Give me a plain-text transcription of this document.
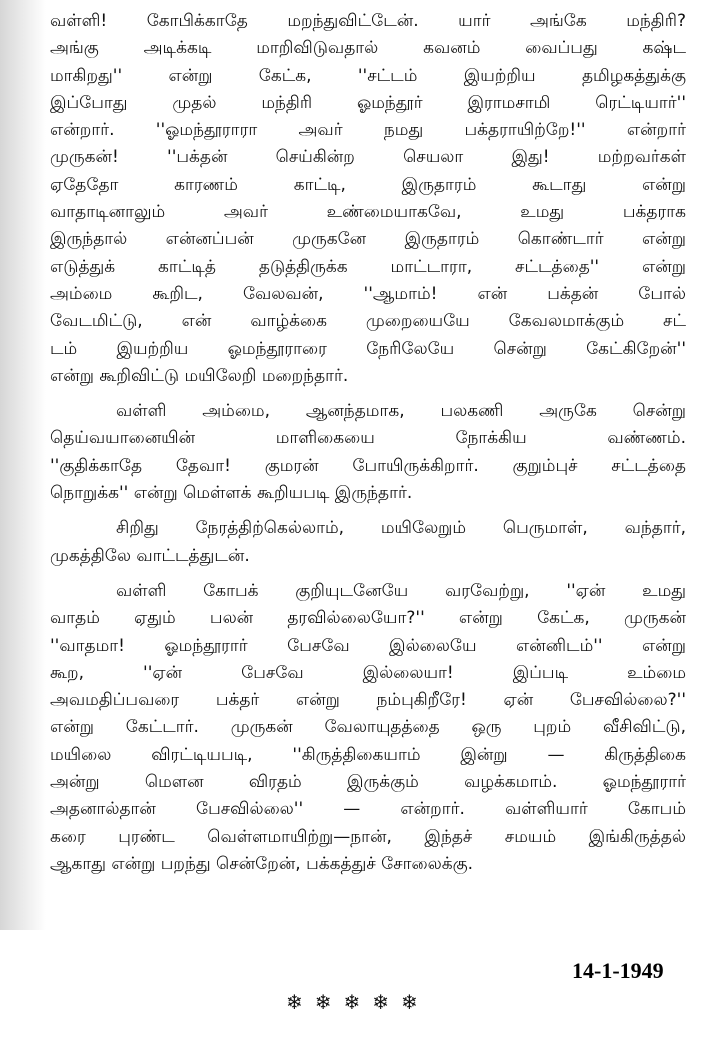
வள்ளி! கோபிக்காதே மறந்துவிட்டேன். யார் அங்கே மந்திரி?
அங்கு அடிக்கடி மாறிவிடுவதால் கவனம் வைப்பது கஷ்ட
மாகிறது'' என்று கேட்க, ''சட்டம் இயற்றிய தமிழகத்துக்கு
இப்போது முதல் மந்திரி ஓமந்தூர் இராமசாமி ரெட்டியார்''
என்றார். ''ஓமந்தூராரா அவர் நமது பக்தராயிற்றே!'' என்றார்
முருகன்! ''பக்தன் செய்கின்ற செயலா இது! மற்றவர்கள்
ஏதேதோ காரணம் காட்டி, இருதாரம் கூடாது என்று
வாதாடினாலும் அவர் உண்மையாகவே, உமது பக்தராக
இருந்தால் என்னப்பன் முருகனே இருதாரம் கொண்டார் என்று
எடுத்துக் காட்டித் தடுத்திருக்க மாட்டாரா, சட்டத்தை'' என்று
அம்மை கூறிட, வேலவன், ''ஆமாம்! என் பக்தன் போல்
வேடமிட்டு, என் வாழ்க்கை முறையையே கேவலமாக்கும் சட்
டம் இயற்றிய ஓமந்தூராரை நேரிலேயே சென்று கேட்கிறேன்''
என்று கூறிவிட்டு மயிலேறி மறைந்தார்.
வள்ளி அம்மை, ஆனந்தமாக, பலகணி அருகே சென்று
தெய்வயானையின் மாளிகையை நோக்கிய வண்ணம்.
''குதிக்காதே தேவா! குமரன் போயிருக்கிறார். குறும்புச் சட்டத்தை
நொறுக்க'' என்று மெள்ளக் கூறியபடி இருந்தார்.
சிறிது நேரத்திற்கெல்லாம், மயிலேறும் பெருமாள், வந்தார்,
முகத்திலே வாட்டத்துடன்.
வள்ளி கோபக் குறியுடனேயே வரவேற்று, ''ஏன் உமது
வாதம் ஏதும் பலன் தரவில்லையோ?'' என்று கேட்க, முருகன்
''வாதமா! ஓமந்தூரார் பேசவே இல்லையே என்னிடம்'' என்று
கூற, ''ஏன் பேசவே இல்லையா! இப்படி உம்மை
அவமதிப்பவரை பக்தர் என்று நம்புகிறீரே! ஏன் பேசவில்லை?''
என்று கேட்டார். முருகன் வேலாயுதத்தை ஒரு புறம் வீசிவிட்டு,
மயிலை விரட்டியபடி, ''கிருத்திகையாம் இன்று — கிருத்திகை
அன்று மெளன விரதம் இருக்கும் வழக்கமாம். ஓமந்தூரார்
அதனால்தான் பேசவில்லை'' — என்றார். வள்ளியார் கோபம்
கரை புரண்ட வெள்ளமாயிற்று—நான், இந்தச் சமயம் இங்கிருத்தல்
ஆகாது என்று பறந்து சென்றேன், பக்கத்துச் சோலைக்கு.
14-1-1949
❄❄❄❄❄
